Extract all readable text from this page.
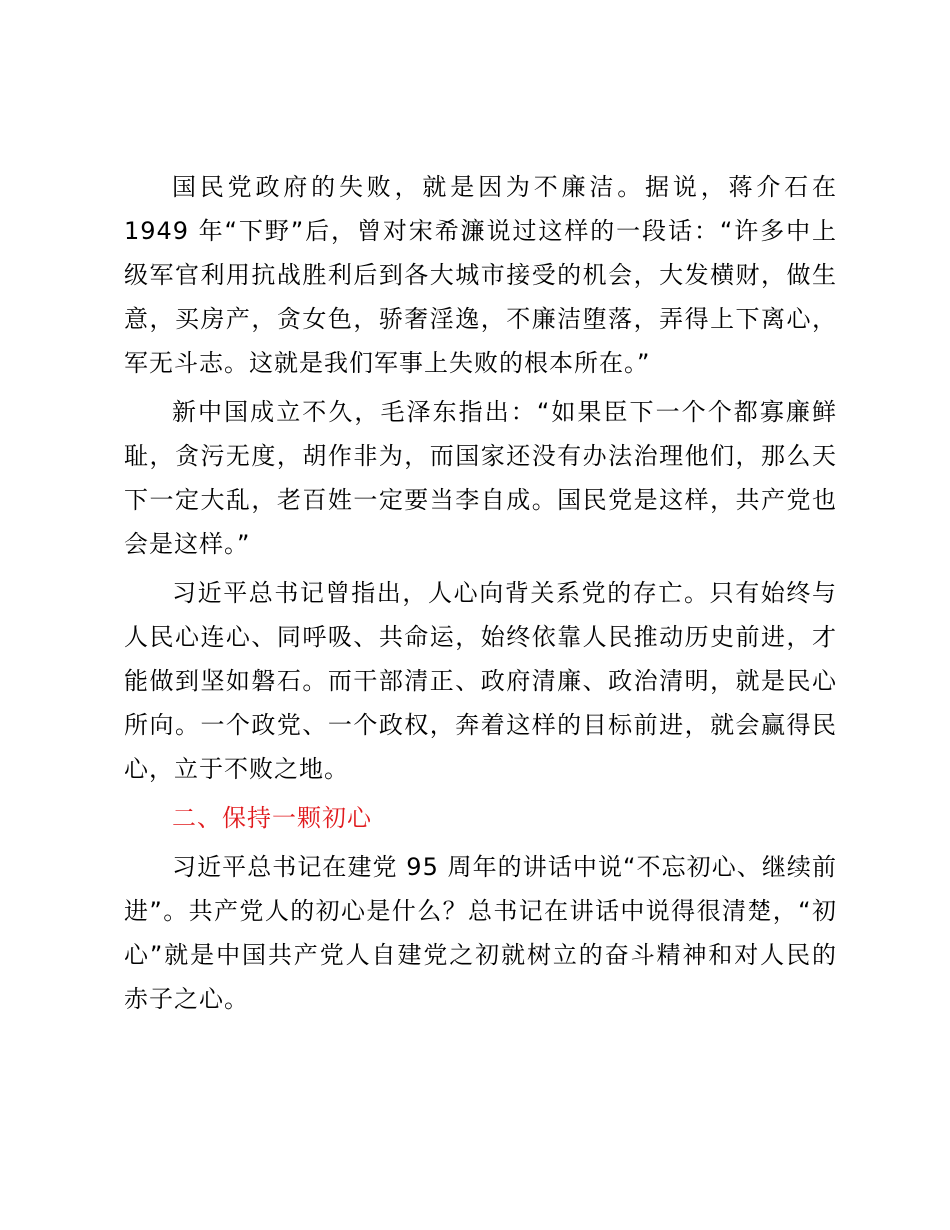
国民党政府的失败，就是因为不廉洁。据说，蒋介石在1949 年“下野”后，曾对宋希濂说过这样的一段话：“许多中上级军官利用抗战胜利后到各大城市接受的机会，大发横财，做生意，买房产，贪女色，骄奢淫逸，不廉洁堕落，弄得上下离心，军无斗志。这就是我们军事上失败的根本所在。”

新中国成立不久，毛泽东指出：“如果臣下一个个都寡廉鲜耻，贪污无度，胡作非为，而国家还没有办法治理他们，那么天下一定大乱，老百姓一定要当李自成。国民党是这样，共产党也会是这样。”

习近平总书记曾指出，人心向背关系党的存亡。只有始终与人民心连心、同呼吸、共命运，始终依靠人民推动历史前进，才能做到坚如磐石。而干部清正、政府清廉、政治清明，就是民心所向。一个政党、一个政权，奔着这样的目标前进，就会赢得民心，立于不败之地。

二、保持一颗初心

习近平总书记在建党 95 周年的讲话中说“不忘初心、继续前进”。共产党人的初心是什么？总书记在讲话中说得很清楚，“初心”就是中国共产党人自建党之初就树立的奋斗精神和对人民的赤子之心。
